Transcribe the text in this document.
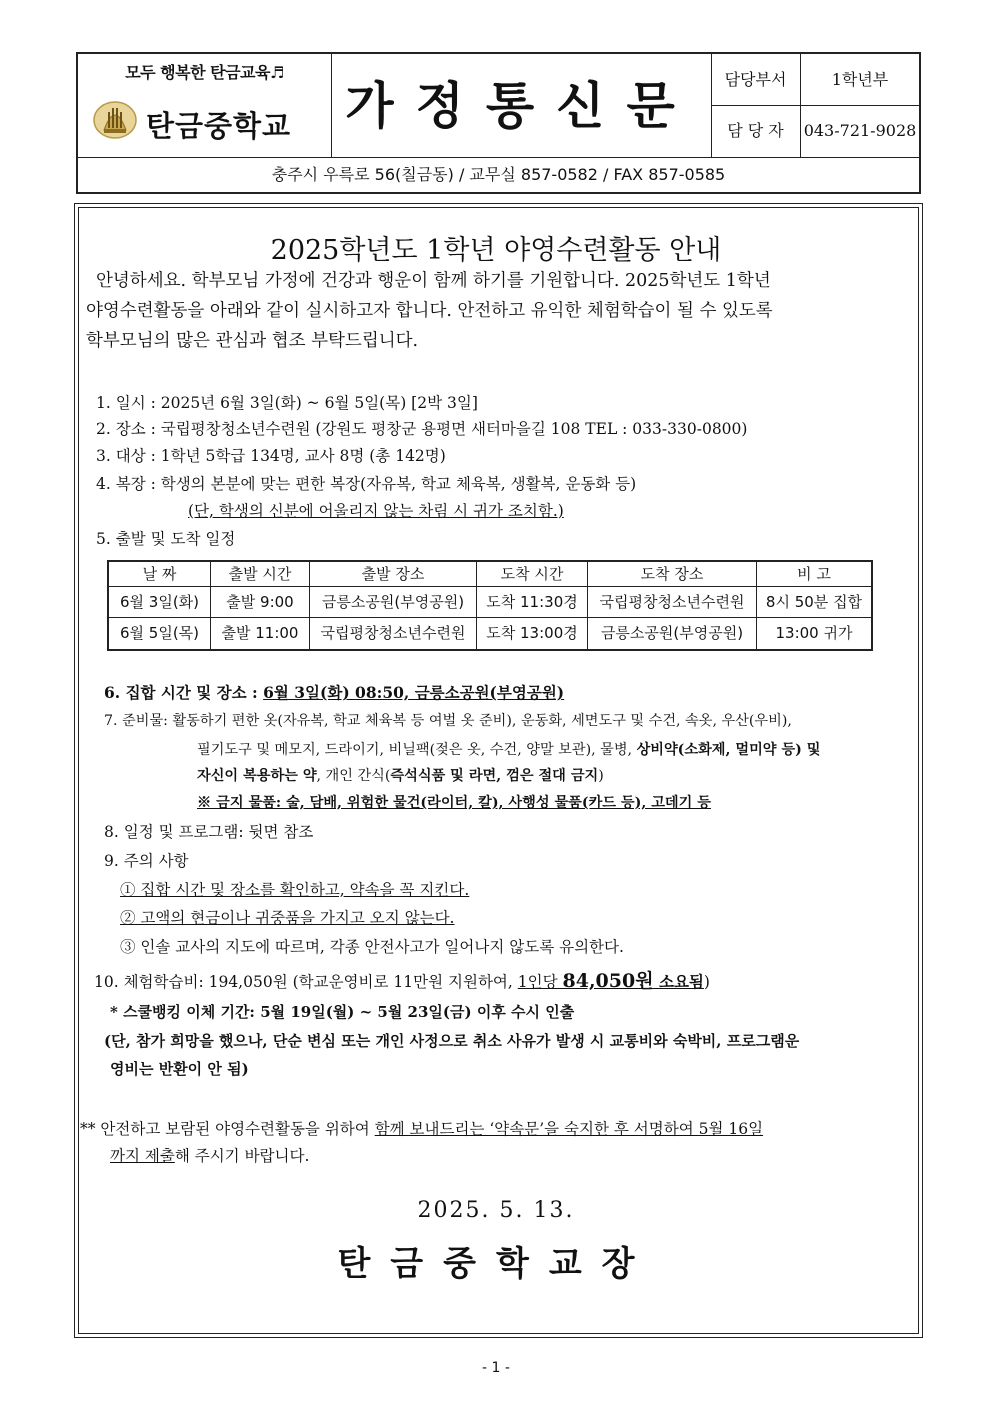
모두 행복한 탄금교육♬
탄금중학교 가정통신문	담당부서	1학년부
담 당 자	043-721-9028
충주시 우륵로 56(칠금동) / 교무실 857-0582 / FAX 857-0585
2025학년도 1학년 야영수련활동 안내

안녕하세요. 학부모님 가정에 건강과 행운이 함께 하기를 기원합니다. 2025학년도 1학년

야영수련활동을 아래와 같이 실시하고자 합니다. 안전하고 유익한 체험학습이 될 수 있도록

학부모님의 많은 관심과 협조 부탁드립니다.

1. 일시 : 2025년 6월 3일(화) ~ 6월 5일(목) [2박 3일]
2. 장소 : 국립평창청소년수련원 (강원도 평창군 용평면 새터마을길 108 TEL : 033-330-0800)
3. 대상 : 1학년 5학급 134명, 교사 8명 (총 142명)
4. 복장 : 학생의 본분에 맞는 편한 복장(자유복, 학교 체육복, 생활복, 운동화 등)
(단, 학생의 신분에 어울리지 않는 차림 시 귀가 조치함.)
5. 출발 및 도착 일정
날 짜	출발 시간	출발 장소	도착 시간	도착 장소	비 고
6월 3일(화)	출발 9:00	금릉소공원(부영공원)	도착 11:30경	국립평창청소년수련원	8시 50분 집합
6월 5일(목)	출발 11:00	국립평창청소년수련원	도착 13:00경	금릉소공원(부영공원)	13:00 귀가
6. 집합 시간 및 장소 : 6월 3일(화) 08:50, 금릉소공원(부영공원)
7. 준비물: 활동하기 편한 옷(자유복, 학교 체육복 등 여벌 옷 준비), 운동화, 세면도구 및 수건, 속옷, 우산(우비),
필기도구 및 메모지, 드라이기, 비닐팩(젖은 옷, 수건, 양말 보관), 물병, 상비약(소화제, 멀미약 등) 및
자신이 복용하는 약, 개인 간식(즉석식품 및 라면, 껌은 절대 금지)
※ 금지 물품: 술, 담배, 위험한 물건(라이터, 칼), 사행성 물품(카드 등), 고데기 등
8. 일정 및 프로그램: 뒷면 참조
9. 주의 사항
① 집합 시간 및 장소를 확인하고, 약속을 꼭 지킨다.
② 고액의 현금이나 귀중품을 가지고 오지 않는다.
③ 인솔 교사의 지도에 따르며, 각종 안전사고가 일어나지 않도록 유의한다.
10. 체험학습비: 194,050원 (학교운영비로 11만원 지원하여, 1인당 84,050원 소요됨)
* 스쿨뱅킹 이체 기간: 5월 19일(월) ~ 5월 23일(금) 이후 수시 인출
(단, 참가 희망을 했으나, 단순 변심 또는 개인 사정으로 취소 사유가 발생 시 교통비와 숙박비, 프로그램운
영비는 반환이 안 됨)
** 안전하고 보람된 야영수련활동을 위하여 함께 보내드리는 ‘약속문’을 숙지한 후 서명하여 5월 16일
까지 제출해 주시기 바랍니다.
2025. 5. 13.
탄금중학교장
- 1 -
